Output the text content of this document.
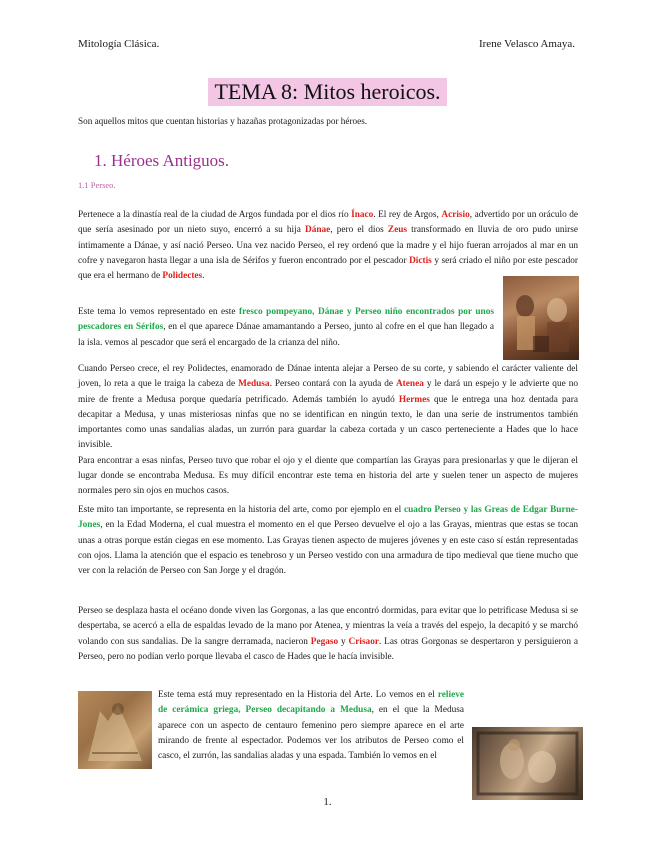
Mitología Clásica.	Irene Velasco Amaya.
TEMA 8: Mitos heroicos.
Son aquellos mitos que cuentan historias y hazañas protagonizadas por héroes.
1. Héroes Antiguos.
1.1 Perseo.

Pertenece a la dinastía real de la ciudad de Argos fundada por el dios río Ínaco. El rey de Argos, Acrisio, advertido por un oráculo de que sería asesinado por un nieto suyo, encerró a su hija Dánae, pero el dios Zeus transformado en lluvia de oro pudo unirse íntimamente a Dánae, y así nació Perseo. Una vez nacido Perseo, el rey ordenó que la madre y el hijo fueran arrojados al mar en un cofre y navegaron hasta llegar a una isla de Sérifos y fueron encontrado por el pescador Dictis y será criado el niño por este pescador que era el hermano de Polidectes.

Este tema lo vemos representado en este fresco pompeyano, Dánae y Perseo niño encontrados por unos pescadores en Sérifos, en el que aparece Dánae amamantando a Perseo, junto al cofre en el que han llegado a la isla. vemos al pescador que será el encargado de la crianza del niño.

Cuando Perseo crece, el rey Polidectes, enamorado de Dánae intenta alejar a Perseo de su corte, y sabiendo el carácter valiente del joven, lo reta a que le traiga la cabeza de Medusa. Perseo contará con la ayuda de Atenea y le dará un espejo y le advierte que no mire de frente a Medusa porque quedaría petrificado. Además también lo ayudó Hermes que le entrega una hoz dentada para decapitar a Medusa, y unas misteriosas ninfas que no se identifican en ningún texto, le dan una serie de instrumentos también importantes como unas sandalias aladas, un zurrón para guardar la cabeza cortada y un casco perteneciente a Hades que lo hace invisible.
Para encontrar a esas ninfas, Perseo tuvo que robar el ojo y el diente que compartían las Grayas para presionarlas y que le dijeran el lugar donde se encontraba Medusa. Es muy difícil encontrar este tema en historia del arte y suelen tener un aspecto de mujeres normales pero sin ojos en muchos casos.

Este mito tan importante, se representa en la historia del arte, como por ejemplo en el cuadro Perseo y las Greas de Edgar Burne-Jones, en la Edad Moderna, el cual muestra el momento en el que Perseo devuelve el ojo a las Grayas, mientras que estas se tocan unas a otras porque están ciegas en ese momento. Las Grayas tienen aspecto de mujeres jóvenes y en este caso sí están representadas con ojos. Llama la atención que el espacio es tenebroso y un Perseo vestido con una armadura de tipo medieval que tiene mucho que ver con la relación de Perseo con San Jorge y el dragón.

Perseo se desplaza hasta el océano donde viven las Gorgonas, a las que encontró dormidas, para evitar que lo petrificase Medusa si se despertaba, se acercó a ella de espaldas levado de la mano por Atenea, y mientras la veía a través del espejo, la decapitó y se marchó volando con sus sandalias. De la sangre derramada, nacieron Pegaso y Crisaor. Las otras Gorgonas se despertaron y persiguieron a Perseo, pero no podían verlo porque llevaba el casco de Hades que le hacía invisible.

Este tema está muy representado en la Historia del Arte. Lo vemos en el relieve de cerámica griega, Perseo decapitando a Medusa, en el que la Medusa aparece con un aspecto de centauro femenino pero siempre aparece en el arte mirando de frente al espectador. Podemos ver los atributos de Perseo como el casco, el zurrón, las sandalias aladas y una espada. También lo vemos en el

1.
